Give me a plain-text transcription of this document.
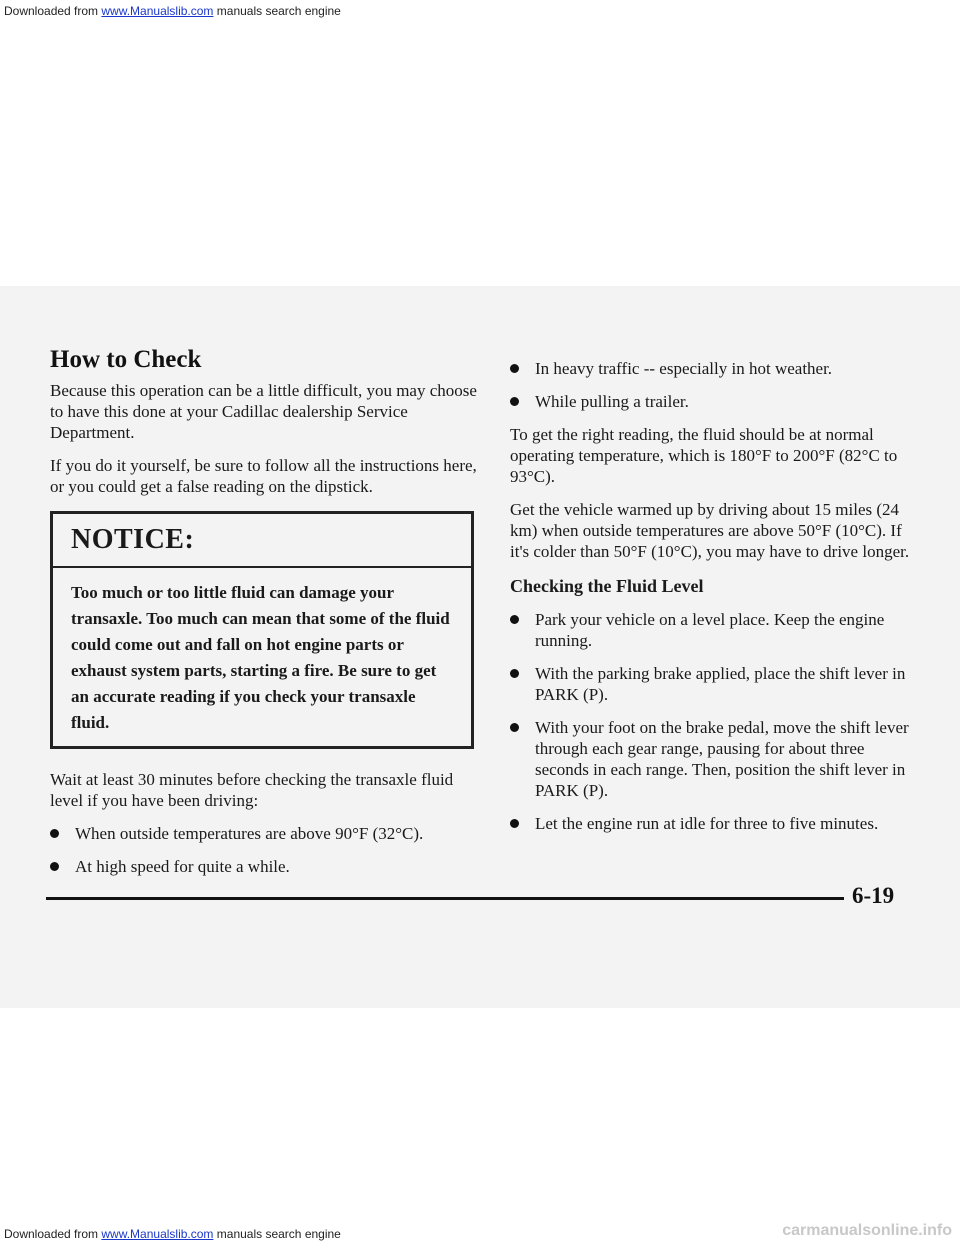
Downloaded from www.Manualslib.com manuals search engine
How to Check

Because this operation can be a little difficult, you may choose to have this done at your Cadillac dealership Service Department.

If you do it yourself, be sure to follow all the instructions here, or you could get a false reading on the dipstick.

NOTICE:
Too much or too little fluid can damage your transaxle. Too much can mean that some of the fluid could come out and fall on hot engine parts or exhaust system parts, starting a fire. Be sure to get an accurate reading if you check your transaxle fluid.

Wait at least 30 minutes before checking the transaxle fluid level if you have been driving:

When outside temperatures are above 90°F (32°C).
At high speed for quite a while.
In heavy traffic -- especially in hot weather.
While pulling a trailer.

To get the right reading, the fluid should be at normal operating temperature, which is 180°F to 200°F (82°C to 93°C).

Get the vehicle warmed up by driving about 15 miles (24 km) when outside temperatures are above 50°F (10°C). If it's colder than 50°F (10°C), you may have to drive longer.

Checking the Fluid Level
Park your vehicle on a level place. Keep the engine running.
With the parking brake applied, place the shift lever in PARK (P).
With your foot on the brake pedal, move the shift lever through each gear range, pausing for about three seconds in each range. Then, position the shift lever in PARK (P).
Let the engine run at idle for three to five minutes.
6-19
Downloaded from www.Manualslib.com manuals search engine	carmanualsonline.info
